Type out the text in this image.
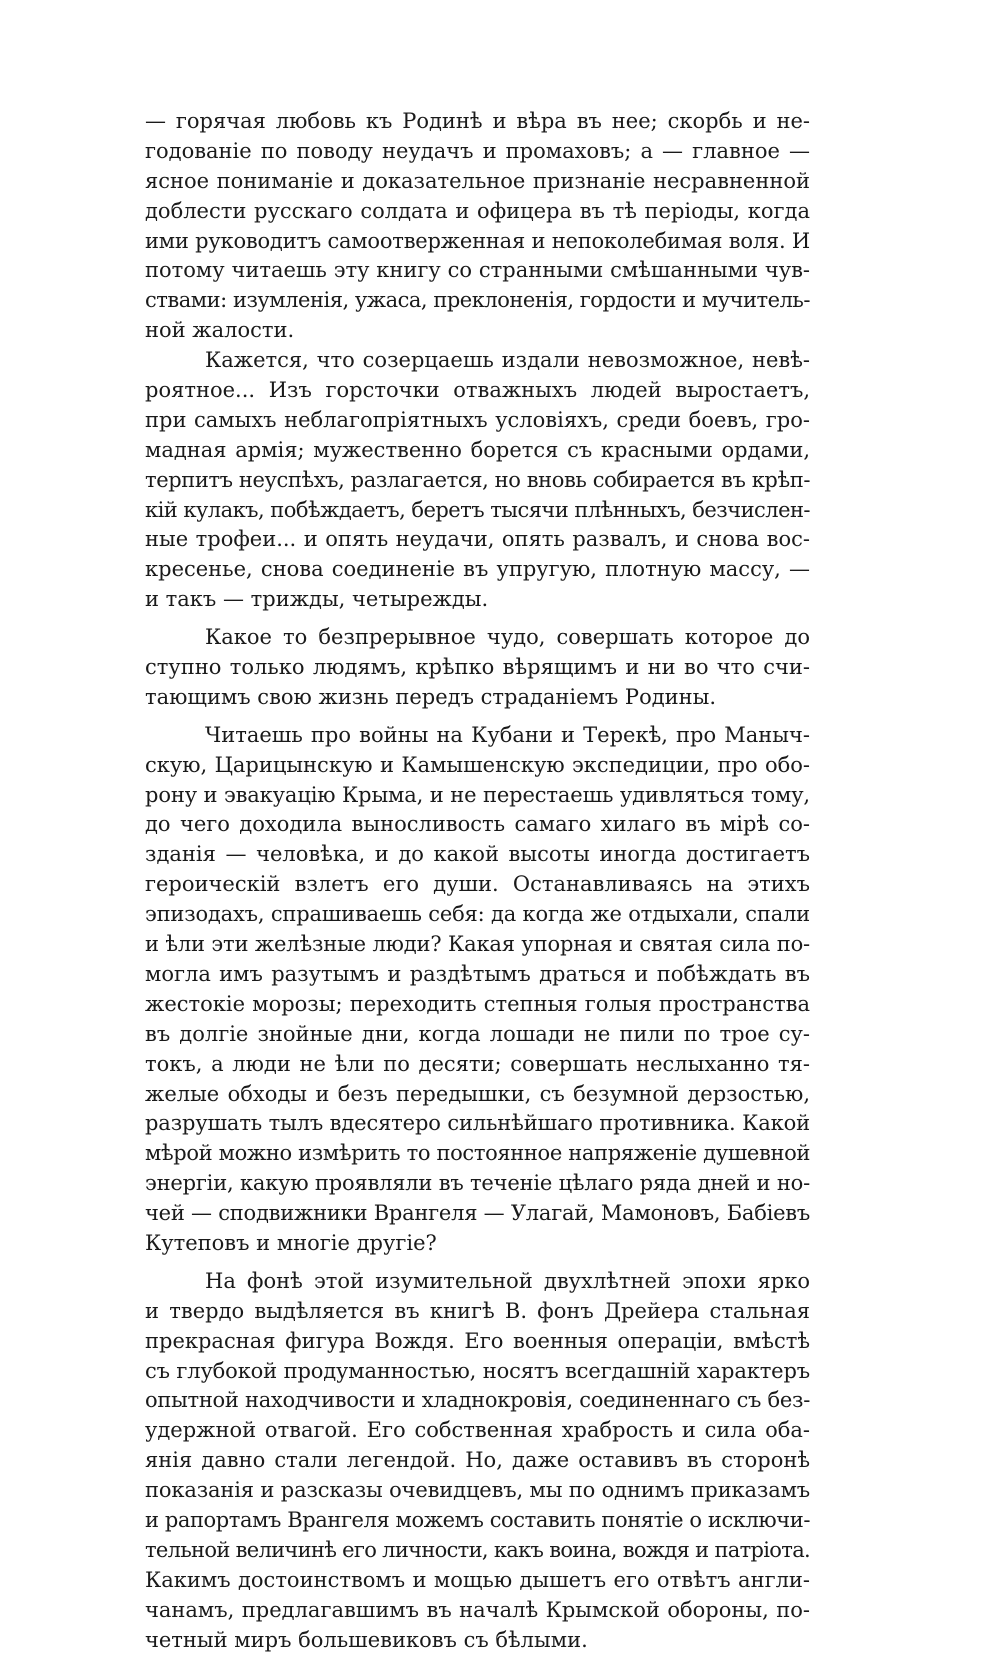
— горячая любовь къ Родинѣ и вѣра въ нее; скорбь и не-
годованіе по поводу неудачъ и промаховъ; а — главное —
ясное пониманіе и доказательное признаніе несравненной
доблести русскаго солдата и офицера въ тѣ періоды, когда
ими руководитъ самоотверженная и непоколебимая воля. И
потому читаешь эту книгу со странными смѣшанными чув-
ствами: изумленія, ужаса, преклоненія, гордости и мучитель-
ной жалости.
Кажется, что созерцаешь издали невозможное, невѣ-
роятное... Изъ горсточки отважныхъ людей выростаетъ,
при самыхъ неблагопрiятныхъ условiяхъ, среди боевъ, гро-
мадная армiя; мужественно борется съ красными ордами,
терпитъ неуспѣхъ, разлагается, но вновь собирается въ крѣп-
кiй кулакъ, побѣждаетъ, беретъ тысячи плѣнныхъ, безчислен-
ные трофеи... и опять неудачи, опять развалъ, и снова вос-
кресенье, снова соединенiе въ упругую, плотную массу, —
и такъ — трижды, четырежды.
Какое то безпрерывное чудо, совершать которое до
ступно только людямъ, крѣпко вѣрящимъ и ни во что счи-
тающимъ свою жизнь передъ страданiемъ Родины.
Читаешь про войны на Кубани и Терекѣ, про Маныч-
скую, Царицынскую и Камышенскую экспедиции, про обо-
рону и эвакуацiю Крыма, и не перестаешь удивляться тому,
до чего доходила выносливость самаго хилаго въ мiрѣ со-
зданiя — человѣка, и до какой высоты иногда достигаетъ
героическiй взлетъ его души. Останавливаясь на этихъ
эпизодахъ, спрашиваешь себя: да когда же отдыхали, спали
и ѣли эти желѣзные люди? Какая упорная и святая сила по-
могла имъ разутымъ и раздѣтымъ драться и побѣждать въ
жестокiе морозы; переходить степныя голыя пространства
въ долгiе знойные дни, когда лошади не пили по трое су-
токъ, а люди не ѣли по десяти; совершать неслыханно тя-
желые обходы и безъ передышки, съ безумной дерзостью,
разрушать тылъ вдесятеро сильнѣйшаго противника. Какой
мѣрой можно измѣрить то постоянное напряженiе душевной
энергiи, какую проявляли въ теченiе цѣлаго ряда дней и но-
чей — сподвижники Врангеля — Улагай, Мамоновъ, Бабiевъ
Кутеповъ и многiе другiе?
На фонѣ этой изумительной двухлѣтней эпохи ярко
и твердо выдѣляется въ книгѣ В. фонъ Дрейера стальная
прекрасная фигура Вождя. Его военныя операцiи, вмѣстѣ
съ глубокой продуманностью, носятъ всегдашнiй характеръ
опытной находчивости и хладнокровiя, соединеннаго съ без-
удержной отвагой. Его собственная храбрость и сила оба-
янiя давно стали легендой. Но, даже оставивъ въ сторонѣ
показанiя и разсказы очевидцевъ, мы по однимъ приказамъ
и рапортамъ Врангеля можемъ составить понятiе о исключи-
тельной величинѣ его личности, какъ воина, вождя и патрiота.
Какимъ достоинствомъ и мощью дышетъ его отвѣтъ англи-
чанамъ, предлагавшимъ въ началѣ Крымской обороны, по-
четный миръ большевиковъ съ бѣлыми.
